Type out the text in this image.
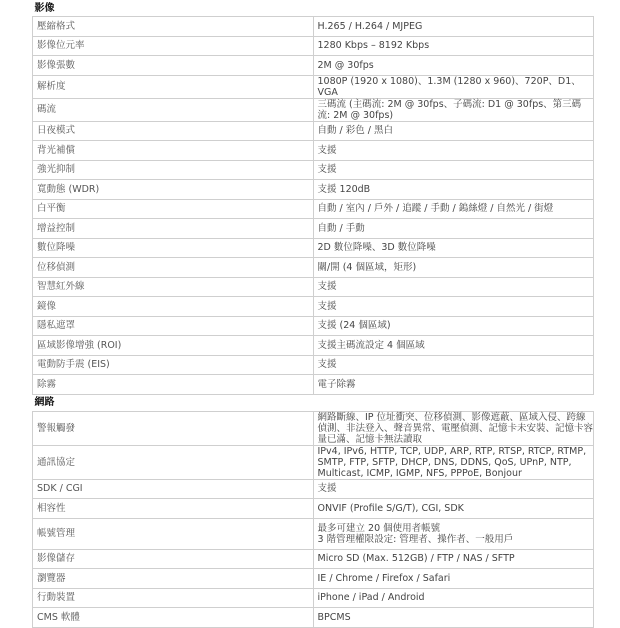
影像	
壓縮格式	H.265 / H.264 / MJPEG

影像位元率	1280 Kbps – 8192 Kbps

影像張數	2M @ 30fps

解析度	1080P (1920 x 1080)、1.3M (1280 x 960)、720P、D1、VGA

碼流	三碼流 (主碼流: 2M @ 30fps、子碼流: D1 @ 30fps、第三碼流: 2M @ 30fps)

日夜模式	自動 / 彩色 / 黑白

背光補償	支援

強光抑制	支援

寬動態 (WDR)	支援 120dB

白平衡	自動 / 室內 / 戶外 / 追蹤 / 手動 / 鎢絲燈 / 自然光 / 街燈

增益控制	自動 / 手動

數位降噪	2D 數位降噪、3D 數位降噪

位移偵測	關/開 (4 個區域，矩形)

智慧紅外線	支援

鏡像	支援

隱私遮罩	支援 (24 個區域)

區域影像增強 (ROI)	支援主碼流設定 4 個區域

電動防手震 (EIS)	支援

除霧	電子除霧

網路	
警報觸發	網路斷線、IP 位址衝突、位移偵測、影像遮蔽、區域入侵、跨線偵測、非法登入、聲音異常、電壓偵測、記憶卡未安裝、記憶卡容量已滿、記憶卡無法讀取

通訊協定	IPv4, IPv6, HTTP, TCP, UDP, ARP, RTP, RTSP, RTCP, RTMP, SMTP, FTP, SFTP, DHCP, DNS, DDNS, QoS, UPnP, NTP, Multicast, ICMP, IGMP, NFS, PPPoE, Bonjour

SDK / CGI	支援

相容性	ONVIF (Profile S/G/T), CGI, SDK

帳號管理	最多可建立 20 個使用者帳號
3 階管理權限設定: 管理者、操作者、一般用戶

影像儲存	Micro SD (Max. 512GB) / FTP / NAS / SFTP

瀏覽器	IE / Chrome / Firefox / Safari

行動裝置	iPhone / iPad / Android

CMS 軟體	BPCMS
